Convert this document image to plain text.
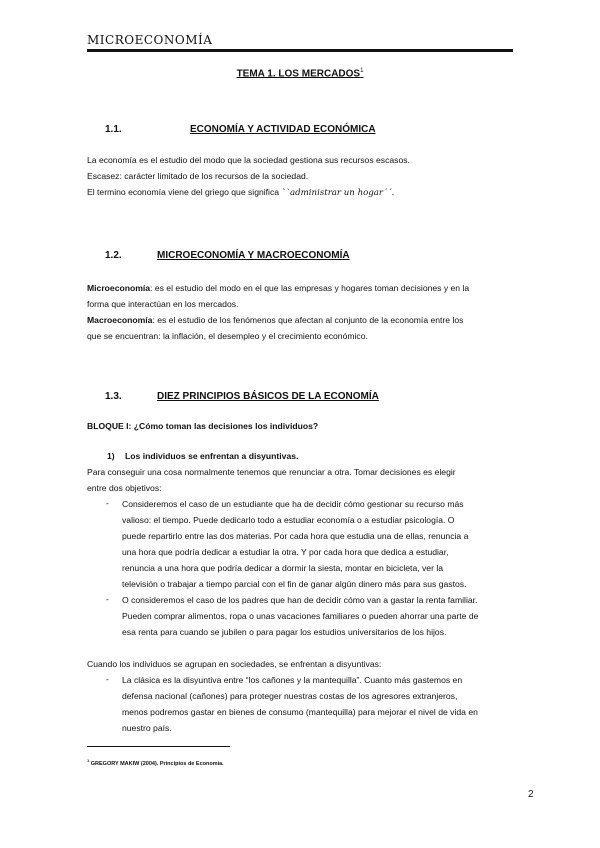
MICROECONOMÍA
TEMA 1. LOS MERCADOS$^1$
1.1.	ECONOMÍA Y ACTIVIDAD ECONÓMICA
La economía es el estudio del modo que la sociedad gestiona sus recursos escasos.
Escasez: carácter limitado de los recursos de la sociedad.
El termino economía viene del griego que significa ``administrar un hogar´´.
1.2.	MICROECONOMÍA Y MACROECONOMÍA
Microeconomía: es el estudio del modo en el que las empresas y hogares toman decisiones y en la
forma que interactúan en los mercados.
Macroeconomía: es el estudio de los fenómenos que afectan al conjunto de la economía entre los
que se encuentran: la inflación, el desempleo y el crecimiento económico.
1.3.	DIEZ PRINCIPIOS BÁSICOS DE LA ECONOMÍA
BLOQUE I: ¿Cómo toman las decisiones los individuos?
1) Los individuos se enfrentan a disyuntivas.
Para conseguir una cosa normalmente tenemos que renunciar a otra. Tomar decisiones es elegir
entre dos objetivos:
- Consideremos el caso de un estudiante que ha de decidir cómo gestionar su recurso más
valioso: el tiempo. Puede dedicarlo todo a estudiar economía o a estudiar psicología. O
puede repartirlo entre las dos materias. Por cada hora que estudia una de ellas, renuncia a
una hora que podría dedicar a estudiar la otra. Y por cada hora que dedica a estudiar,
renuncia a una hora que podría dedicar a dormir la siesta, montar en bicicleta, ver la
televisión o trabajar a tiempo parcial con el fin de ganar algún dinero más para sus gastos.
- O consideremos el caso de los padres que han de decidir cómo van a gastar la renta familiar.
Pueden comprar alimentos, ropa o unas vacaciones familiares o pueden ahorrar una parte de
esa renta para cuando se jubilen o para pagar los estudios universitarios de los hijos.
Cuando los individuos se agrupan en sociedades, se enfrentan a disyuntivas:
- La clásica es la disyuntiva entre “los cañones y la mantequilla”. Cuanto más gastemos en
defensa nacional (cañones) para proteger nuestras costas de los agresores extranjeros,
menos podremos gastar en bienes de consumo (mantequilla) para mejorar el nivel de vida en
nuestro país.
$^1$ GREGORY MAKIW (2004). Principios de Economía.
2
